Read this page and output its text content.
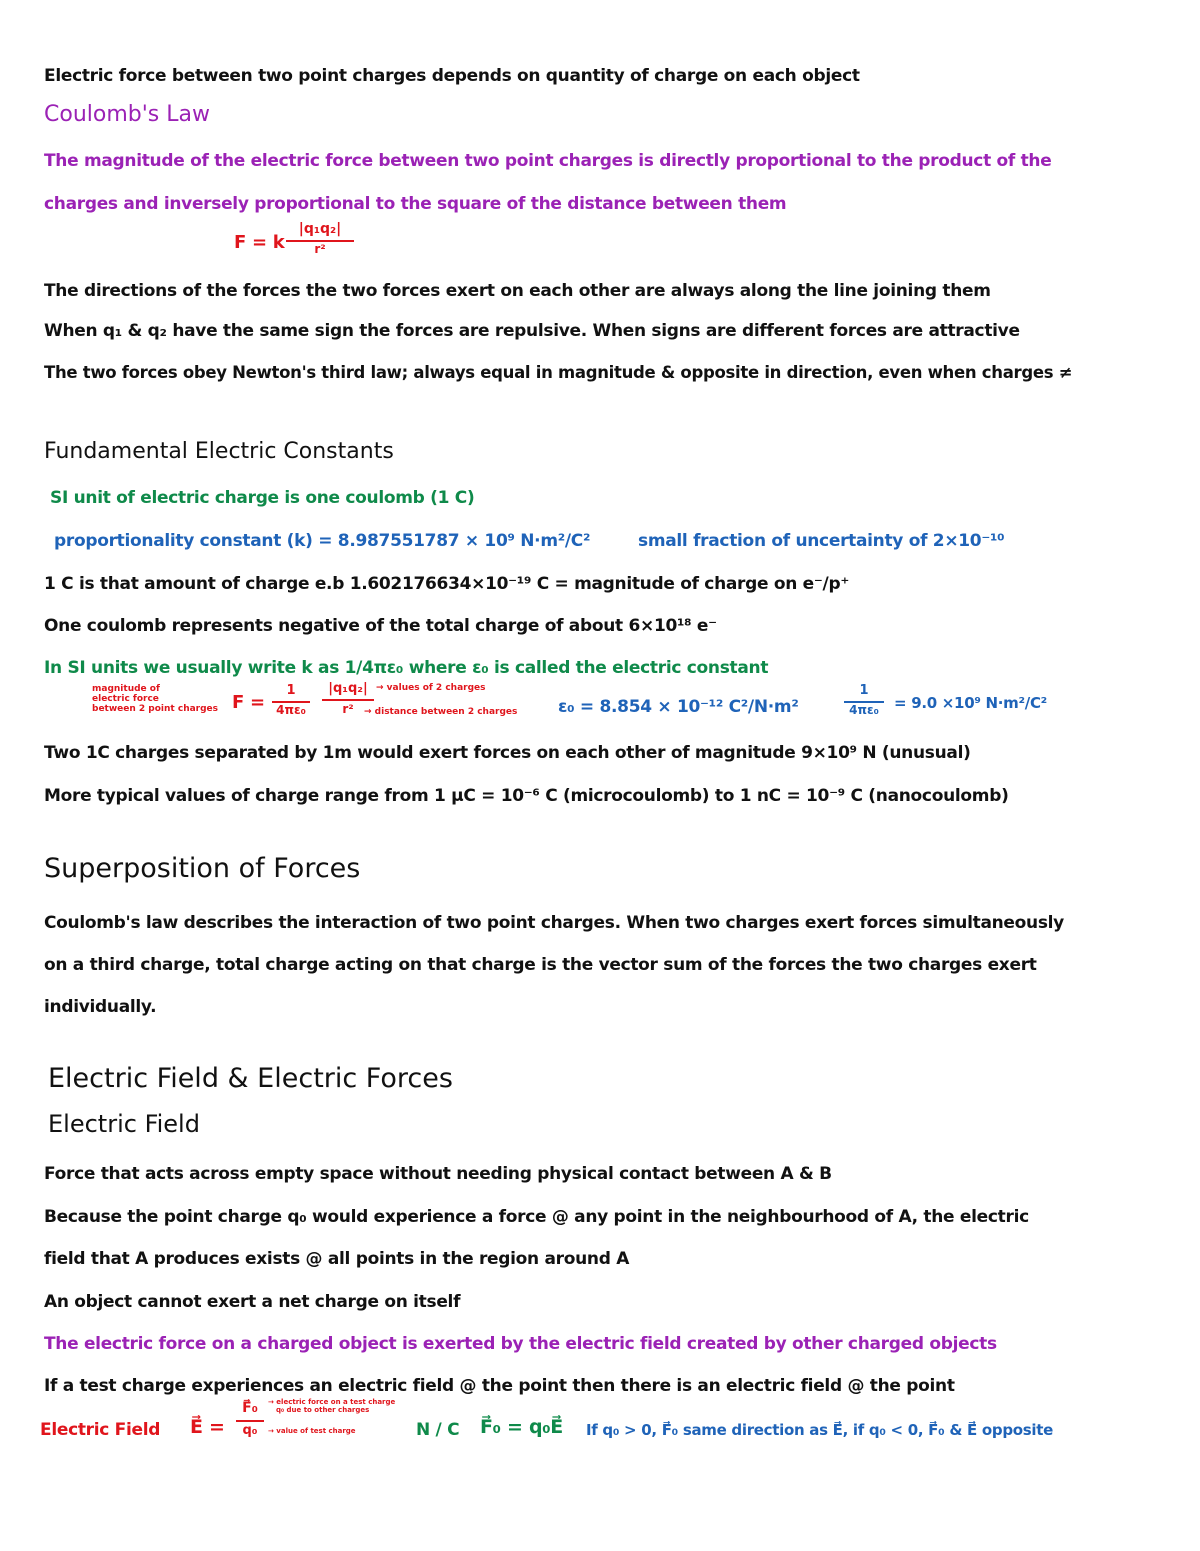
Electric force between two point charges depends on quantity of charge on each object
Coulomb's Law
The magnitude of the electric force between two point charges is directly proportional to the product of the
charges and inversely proportional to the square of the distance between them
F = k
|q₁q₂|
r²
The directions of the forces the two forces exert on each other are always along the line joining them
When q₁ & q₂ have the same sign the forces are repulsive. When signs are different forces are attractive
The two forces obey Newton's third law; always equal in magnitude & opposite in direction, even when charges ≠
Fundamental Electric Constants
SI unit of electric charge is one coulomb (1 C)
proportionality constant (k) = 8.987551787 × 10⁹ N·m²/C²	small fraction of uncertainty of 2×10⁻¹⁰
1 C is that amount of charge e.b 1.602176634×10⁻¹⁹ C = magnitude of charge on e⁻/p⁺
One coulomb represents negative of the total charge of about 6×10¹⁸ e⁻
In SI units we usually write k as 1/4πε₀ where ε₀ is called the electric constant
magnitude of
electric force
between 2 point charges F =
1
4πε₀
|q₁q₂|
r²
→ values of 2 charges
→ distance between 2 charges ε₀ = 8.854 × 10⁻¹² C²/N·m²
1
4πε₀	= 9.0 ×10⁹ N·m²/C²
Two 1C charges separated by 1m would exert forces on each other of magnitude 9×10⁹ N (unusual)
More typical values of charge range from 1 μC = 10⁻⁶ C (microcoulomb) to 1 nC = 10⁻⁹ C (nanocoulomb)
Superposition of Forces
Coulomb's law describes the interaction of two point charges. When two charges exert forces simultaneously
on a third charge, total charge acting on that charge is the vector sum of the forces the two charges exert
individually.
Electric Field & Electric Forces
Electric Field
Force that acts across empty space without needing physical contact between A & B
Because the point charge q₀ would experience a force @ any point in the neighbourhood of A, the electric
field that A produces exists @ all points in the region around A
An object cannot exert a net charge on itself
The electric force on a charged object is exerted by the electric field created by other charged objects
If a test charge experiences an electric field @ the point then there is an electric field @ the point
Electric Field E⃗ =
F⃗₀
q₀
→ electric force on a test charge
q₀ due to other charges
→ value of test charge	N / C F⃗₀ = q₀E⃗ If q₀ > 0, F⃗₀ same direction as E⃗, if q₀ < 0, F⃗₀ & E⃗ opposite
